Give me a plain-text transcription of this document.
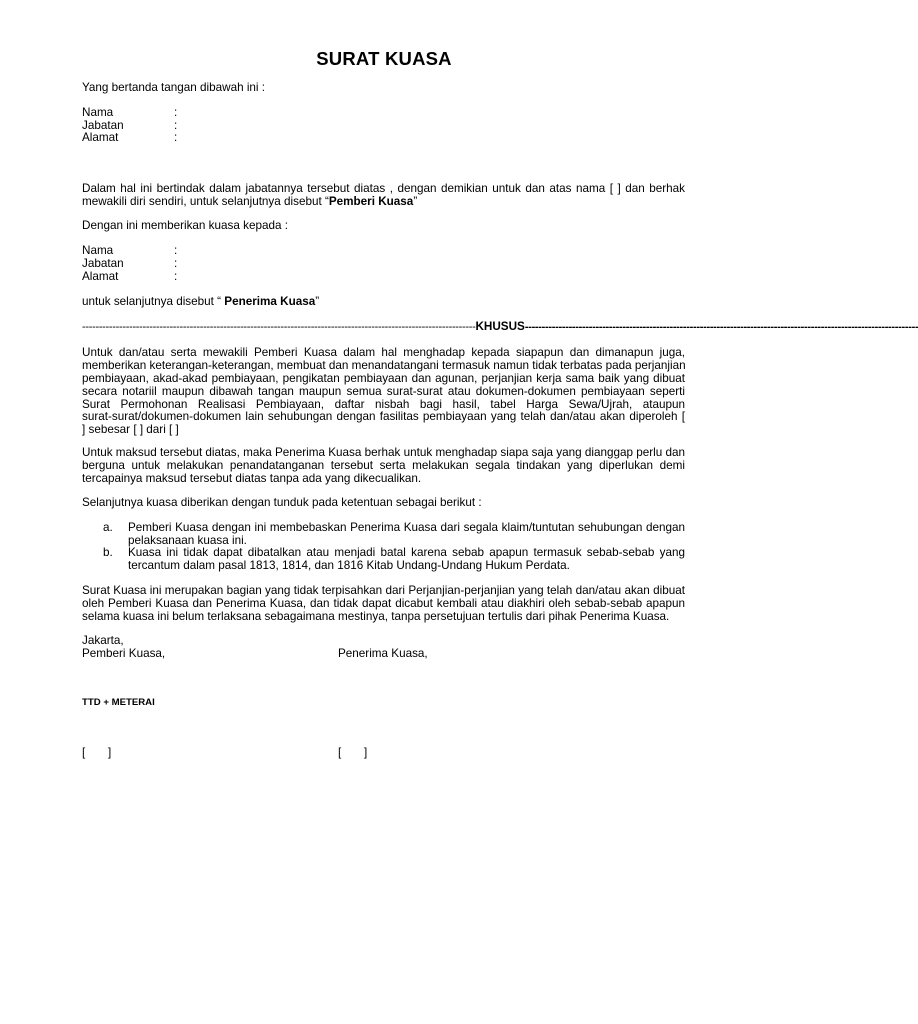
SURAT KUASA
Yang bertanda tangan dibawah ini :
Nama	:
Jabatan	:
Alamat	:
Dalam hal ini bertindak dalam jabatannya tersebut diatas , dengan demikian untuk dan atas nama [ ] dan berhak
mewakili diri sendiri, untuk selanjutnya disebut “Pemberi Kuasa”
Dengan ini memberikan kuasa kepada :
Nama	:
Jabatan	:
Alamat	:
untuk selanjutnya disebut “ Penerima Kuasa”
--------------------------------------------------------------------------------------------------------------------- KHUSUS ---------------------------------------------------------------------------------------------------------------------
Untuk dan/atau serta mewakili Pemberi Kuasa dalam hal menghadap kepada siapapun dan dimanapun juga,
memberikan keterangan-keterangan, membuat dan menandatangani termasuk namun tidak terbatas pada perjanjian
pembiayaan, akad-akad pembiayaan, pengikatan pembiayaan dan agunan, perjanjian kerja sama baik yang dibuat
secara notariil maupun dibawah tangan maupun semua surat-surat atau dokumen-dokumen pembiayaan seperti
Surat Permohonan Realisasi Pembiayaan, daftar nisbah bagi hasil, tabel Harga Sewa/Ujrah, ataupun
surat-surat/dokumen-dokumen lain sehubungan dengan fasilitas pembiayaan yang telah dan/atau akan diperoleh [
] sebesar [ ] dari [ ]
Untuk maksud tersebut diatas, maka Penerima Kuasa berhak untuk menghadap siapa saja yang dianggap perlu dan
berguna untuk melakukan penandatanganan tersebut serta melakukan segala tindakan yang diperlukan demi
tercapainya maksud tersebut diatas tanpa ada yang dikecualikan.
Selanjutnya kuasa diberikan dengan tunduk pada ketentuan sebagai berikut :
a. Pemberi Kuasa dengan ini membebaskan Penerima Kuasa dari segala klaim/tuntutan sehubungan dengan
pelaksanaan kuasa ini.
b. Kuasa ini tidak dapat dibatalkan atau menjadi batal karena sebab apapun termasuk sebab-sebab yang
tercantum dalam pasal 1813, 1814, dan 1816 Kitab Undang-Undang Hukum Perdata.
Surat Kuasa ini merupakan bagian yang tidak terpisahkan dari Perjanjian-perjanjian yang telah dan/atau akan dibuat
oleh Pemberi Kuasa dan Penerima Kuasa, dan tidak dapat dicabut kembali atau diakhiri oleh sebab-sebab apapun
selama kuasa ini belum terlaksana sebagaimana mestinya, tanpa persetujuan tertulis dari pihak Penerima Kuasa.
Jakarta,
Pemberi Kuasa,	Penerima Kuasa,
TTD + METERAI
[       ]	[       ]
